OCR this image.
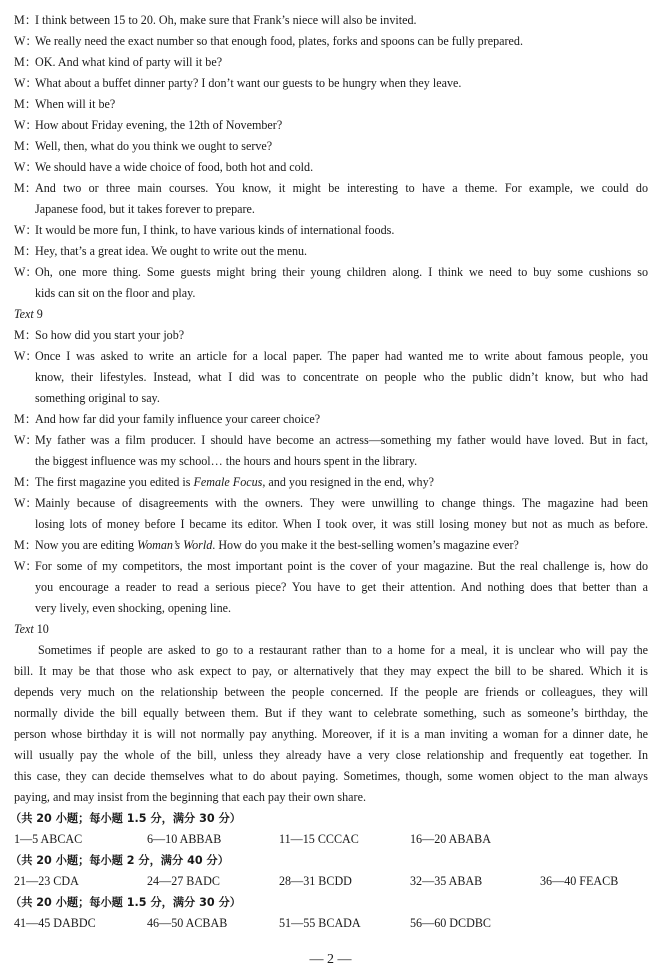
M：I think between 15 to 20. Oh, make sure that Frank’s niece will also be invited.
W：We really need the exact number so that enough food, plates, forks and spoons can be fully prepared.
M：OK. And what kind of party will it be?
W：What about a buffet dinner party? I don’t want our guests to be hungry when they leave.
M：When will it be?
W：How about Friday evening, the 12th of November?
M：Well, then, what do you think we ought to serve?
W：We should have a wide choice of food, both hot and cold.
M：And two or three main courses. You know, it might be interesting to have a theme. For example, we could do
Japanese food, but it takes forever to prepare.
W：It would be more fun, I think, to have various kinds of international foods.
M：Hey, that’s a great idea. We ought to write out the menu.
W：Oh, one more thing. Some guests might bring their young children along. I think we need to buy some cushions so
kids can sit on the floor and play.
Text 9
M：So how did you start your job?
W：Once I was asked to write an article for a local paper. The paper had wanted me to write about famous people, you
know, their lifestyles. Instead, what I did was to concentrate on people who the public didn’t know, but who had
something original to say.
M：And how far did your family influence your career choice?
W：My father was a film producer. I should have become an actress—something my father would have loved. But in fact,
the biggest influence was my school… the hours and hours spent in the library.
M：The first magazine you edited is Female Focus, and you resigned in the end, why?
W：Mainly because of disagreements with the owners. They were unwilling to change things. The magazine had been
losing lots of money before I became its editor. When I took over, it was still losing money but not as much as before.
M：Now you are editing Woman’s World. How do you make it the best-selling women’s magazine ever?
W：For some of my competitors, the most important point is the cover of your magazine. But the real challenge is, how do
you encourage a reader to read a serious piece? You have to get their attention. And nothing does that better than a
very lively, even shocking, opening line.
Text 10
Sometimes if people are asked to go to a restaurant rather than to a home for a meal, it is unclear who will pay the
bill. It may be that those who ask expect to pay, or alternatively that they may expect the bill to be shared. Which it is
depends very much on the relationship between the people concerned. If the people are friends or colleagues, they will
normally divide the bill equally between them. But if they want to celebrate something, such as someone’s birthday, the
person whose birthday it is will not normally pay anything. Moreover, if it is a man inviting a woman for a dinner date, he
will usually pay the whole of the bill, unless they already have a very close relationship and frequently eat together. In
this case, they can decide themselves what to do about paying. Sometimes, though, some women object to the man always
paying, and may insist from the beginning that each pay their own share.
（共 20 小题；每小题 1.5 分，满分 30 分）
1—5 ABCAC	6—10 ABBAB	11—15 CCCAC	16—20 ABABA
（共 20 小题；每小题 2 分，满分 40 分）
21—23 CDA	24—27 BADC	28—31 BCDD	32—35 ABAB	36—40 FEACB
（共 20 小题；每小题 1.5 分，满分 30 分）
41—45 DABDC	46—50 ACBAB	51—55 BCADA	56—60 DCDBC
— 2 —
